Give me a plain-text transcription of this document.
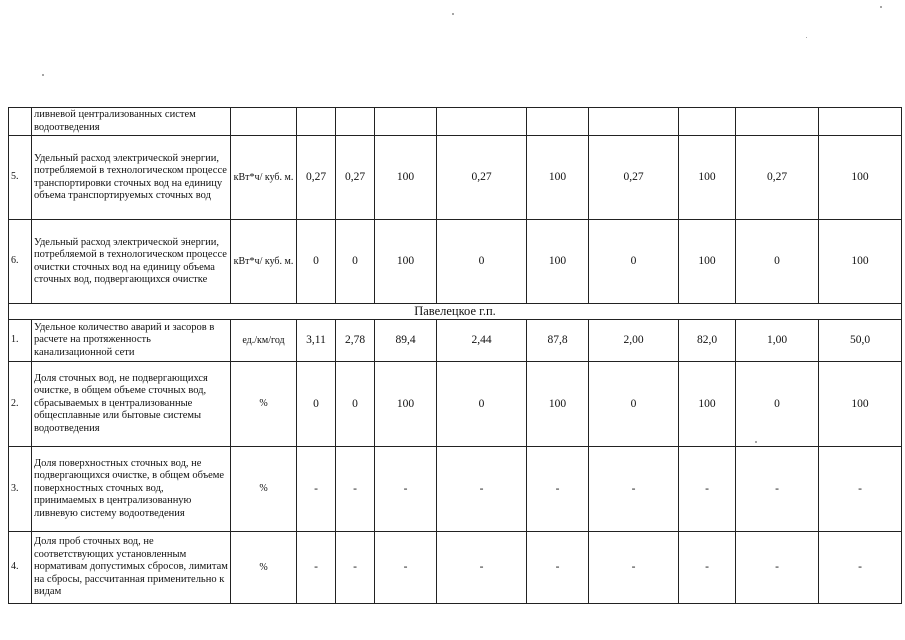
	ливневой централизованных систем водоотведения										
5.	Удельный расход электрической энергии, потребляемой в технологическом процессе транспортировки сточных вод на единицу объема транспортируемых сточных вод	кВт*ч/ куб. м.	0,27	0,27	100	0,27	100	0,27	100	0,27	100
6.	Удельный расход электрической энергии, потребляемой в технологическом процессе очистки сточных вод на единицу объема сточных вод, подвергающихся очистке	кВт*ч/ куб. м.	0	0	100	0	100	0	100	0	100
Павелецкое г.п.											
1.	Удельное количество аварий и засоров в расчете на протяженность канализационной сети	ед./км/год	3,11	2,78	89,4	2,44	87,8	2,00	82,0	1,00	50,0
2.	Доля сточных вод, не подвергающихся очистке, в общем объеме сточных вод, сбрасываемых в централизованные общесплавные или бытовые системы водоотведения	%	0	0	100	0	100	0	100	0	100
3.	Доля поверхностных сточных вод, не подвергающихся очистке, в общем объеме поверхностных сточных вод, принимаемых в централизованную ливневую систему водоотведения	%	-	-	-	-	-	-	-	-	-
4.	Доля проб сточных вод, не соответствующих установленным нормативам допустимых сбросов, лимитам на сбросы, рассчитанная применительно к видам	%	-	-	-	-	-	-	-	-	-
